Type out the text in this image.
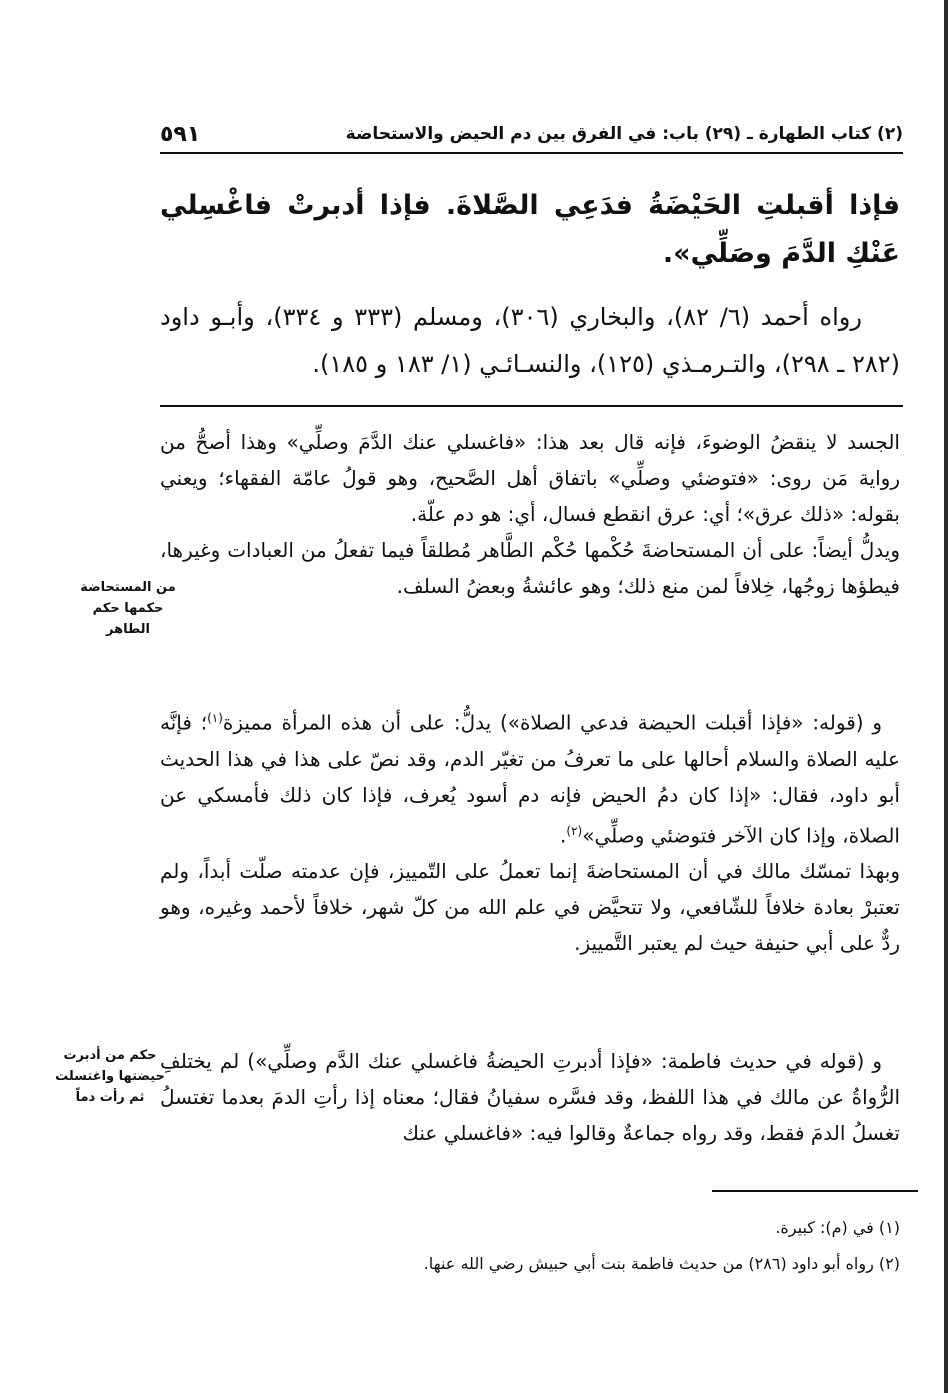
٥٩١	(٢) كتاب الطهارة ـ (٢٩) باب: في الفرق بين دم الحيض والاستحاضة

فإذا أقبلتِ الحَيْضَةُ فدَعِي الصَّلاةَ. فإذا أدبرتْ فاغْسِلي عَنْكِ الدَّمَ وصَلِّي».

رواه أحمد (٦/ ٨٢)، والبخاري (٣٠٦)، ومسلم (٣٣٣ و ٣٣٤)، وأبـو داود (٢٨٢ ـ ٢٩٨)، والتـرمـذي (١٢٥)، والنسـائـي (١/ ١٨٣ و ١٨٥).

الجسد لا ينقضُ الوضوءَ، فإنه قال بعد هذا: «فاغسلي عنك الدَّمَ وصلِّي» وهذا أصحُّ من رواية مَن روى: «فتوضئي وصلِّي» باتفاق أهل الصَّحيح، وهو قولُ عامّة الفقهاء؛ ويعني بقوله: «ذلك عرق»؛ أي: عرق انقطع فسال، أي: هو دم علّة.

ويدلُّ أيضاً: على أن المستحاضةَ حُكْمها حُكْم الطَّاهر مُطلقاً فيما تفعلُ من العبادات وغيرها، فيطؤها زوجُها، خِلافاً لمن منع ذلك؛ وهو عائشةُ وبعضُ السلف.

و (قوله: «فإذا أقبلت الحيضة فدعي الصلاة») يدلُّ: على أن هذه المرأة مميزة$^{(١)}$؛ فإنَّه عليه الصلاة والسلام أحالها على ما تعرفُ من تغيّر الدم، وقد نصّ على هذا في هذا الحديث أبو داود، فقال: «إذا كان دمُ الحيض فإنه دم أسود يُعرف، فإذا كان ذلك فأمسكي عن الصلاة، وإذا كان الآخر فتوضئي وصلِّي»$^{(٢)}$.

وبهذا تمسّك مالك في أن المستحاضةَ إنما تعملُ على التّمييز، فإن عدمته صلّت أبداً، ولم تعتبرْ بعادة خلافاً للشّافعي، ولا تتحيَّض في علم الله من كلّ شهر، خلافاً لأحمد وغيره، وهو ردٌّ على أبي حنيفة حيث لم يعتبر التَّمييز.

و (قوله في حديث فاطمة: «فإذا أدبرتِ الحيضةُ فاغسلي عنك الدَّم وصلِّي») لم يختلفِ الرُّواةُ عن مالك في هذا اللفظ، وقد فسَّره سفيانُ فقال؛ معناه إذا رأتِ الدمَ بعدما تغتسلُ تغسلُ الدمَ فقط، وقد رواه جماعةٌ وقالوا فيه: «فاغسلي عنك

من المستحاضة حكمها حكم الطاهر
حكم من أدبرت حيضتها واغتسلت ثم رأت دماً

(١) في (م): كبيرة.

(٢) رواه أبو داود (٢٨٦) من حديث فاطمة بنت أبي حبيش رضي الله عنها.
